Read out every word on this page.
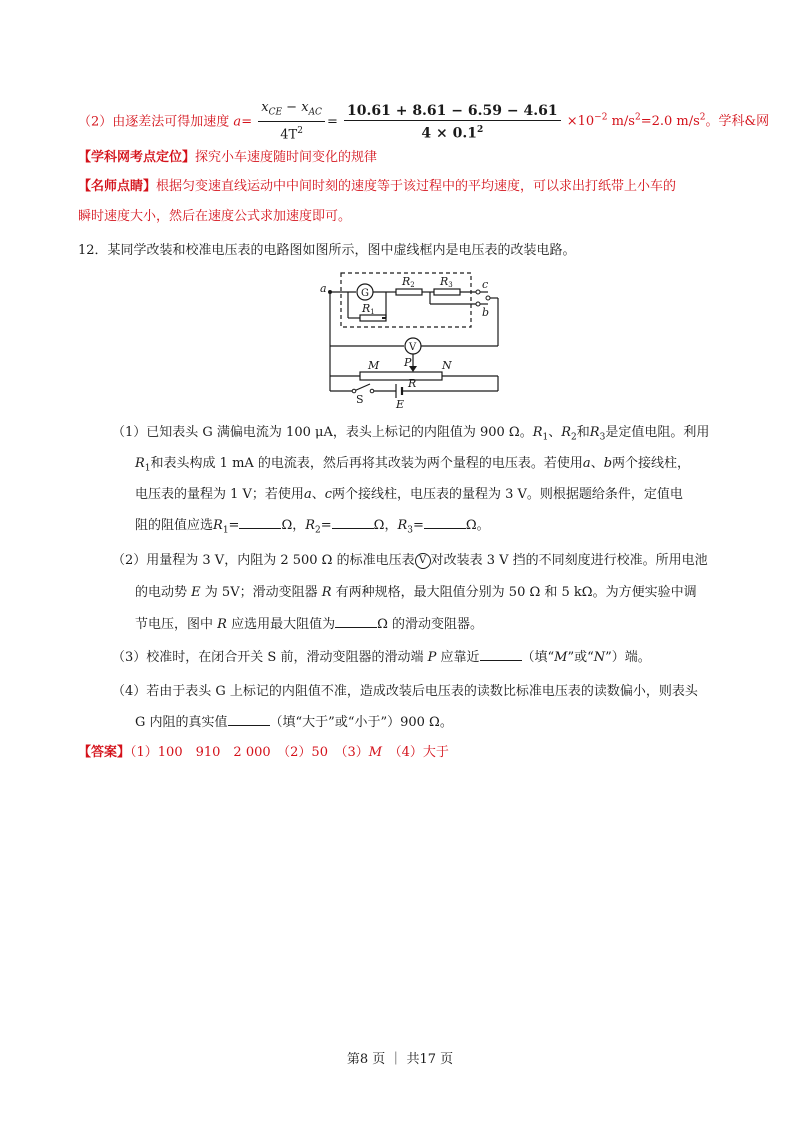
（2）由逐差法可得加速度 $a= \frac{x_{CE} - x_{AC}}{4T^2} = \frac{10.61 + 8.61 - 6.59 - 4.61}{4 \times 0.1^2} \times 10^{-2}$ $m/s^2=2.0$ $m/s^2$。学科&网
【学科网考点定位】探究小车速度随时间变化的规律
【名师点睛】根据匀变速直线运动中中间时刻的速度等于该过程中的平均速度，可以求出打纸带上小车的
瞬时速度大小，然后在速度公式求加速度即可。
12．某同学改装和校准电压表的电路图如图所示，图中虚线框内是电压表的改装电路。
a	G
R1
R2 R3	c
b
V
M P	N
R
S	E
（1）已知表头 G 满偏电流为 100 μA，表头上标记的内阻值为 900 Ω。$R_1$、$R_2$和$R_3$是定值电阻。利用
$R_1$和表头构成 1 mA 的电流表，然后再将其改装为两个量程的电压表。若使用a、b两个接线柱，
电压表的量程为 1 V；若使用a、c两个接线柱，电压表的量程为 3 V。则根据题给条件，定值电
阻的阻值应选$R_1=$	Ω，$R_2=$	Ω，$R_3=$	Ω。
（2）用量程为 3 V，内阻为 2 500 Ω 的标准电压表 V 对改装表 3 V 挡的不同刻度进行校准。所用电池
的电动势 E 为 5V；滑动变阻器 R 有两种规格，最大阻值分别为 50 Ω 和 5 kΩ。为方便实验中调
节电压，图中 R 应选用最大阻值为	Ω 的滑动变阻器。
（3）校准时，在闭合开关 S 前，滑动变阻器的滑动端 P 应靠近	（填“M”或“N”）端。
（4）若由于表头 G 上标记的内阻值不准，造成改装后电压表的读数比标准电压表的读数偏小，则表头
G 内阻的真实值	（填“大于”或“小于”）900 Ω。
【答案】（1）100　910　2 000　 （2）50　 （3）M　 （4）大于
第8 页 ｜ 共17 页
